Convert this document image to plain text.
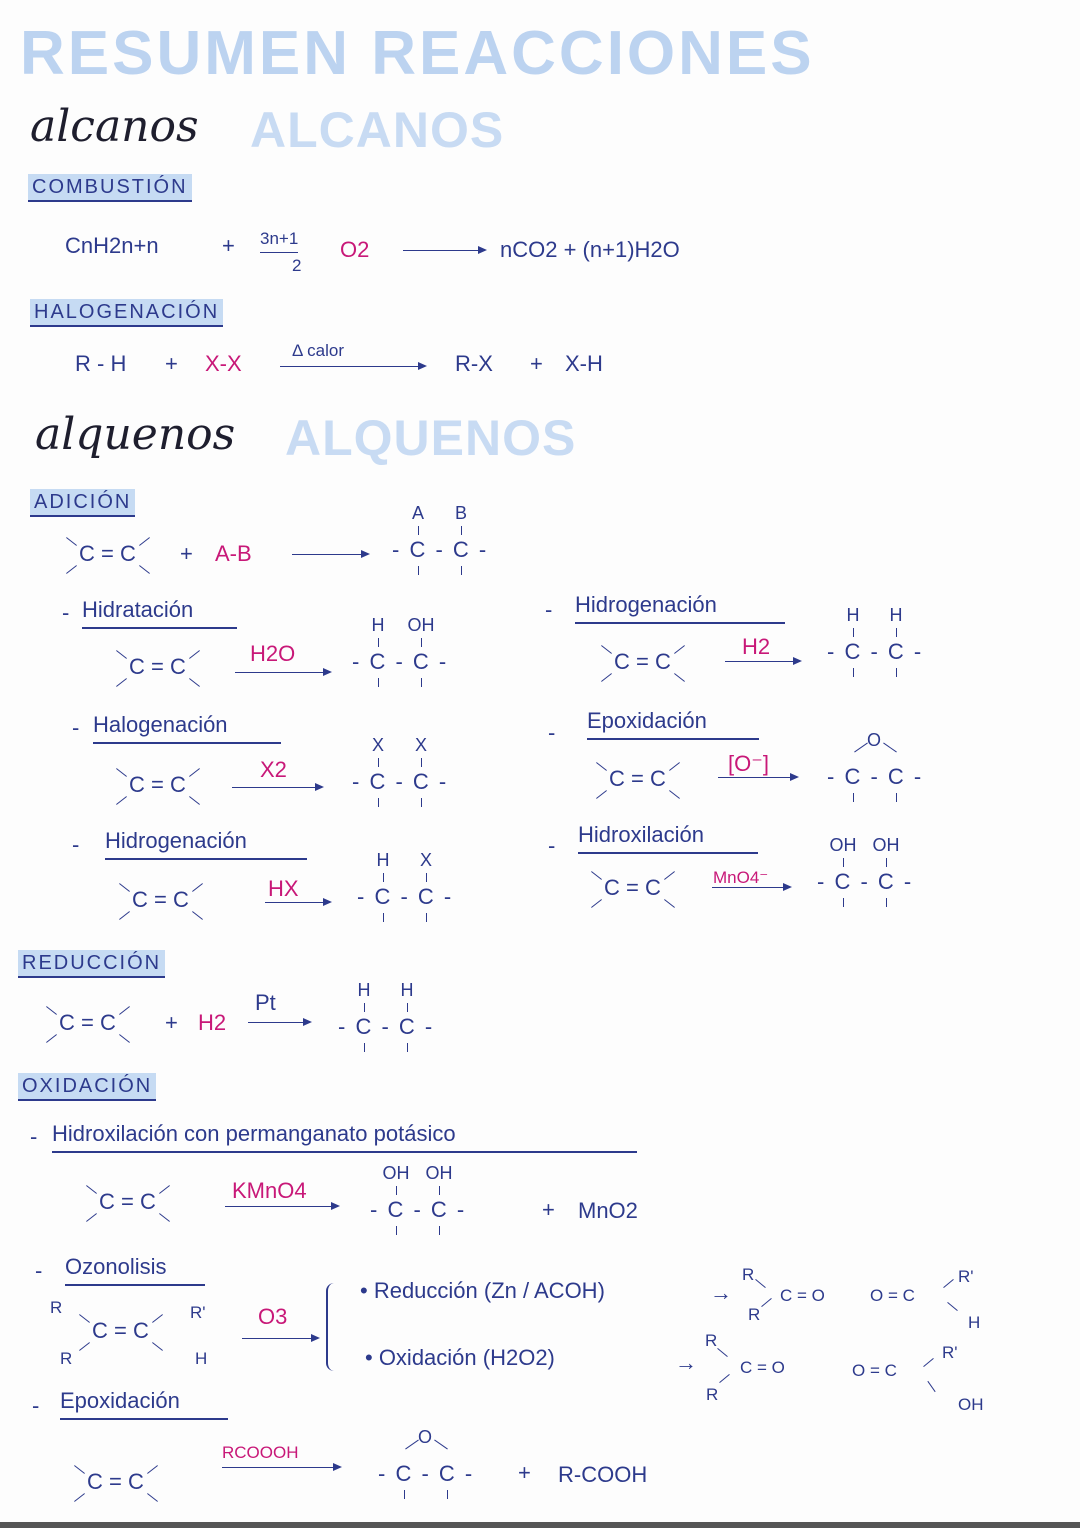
RESUMEN REACCIONES
alcanos ALCANOS
COMBUSTIÓN
CnH2n+n	+ 3n+1
2
O2	nCO2 + (n+1)H2O
HALOGENACIÓN
R - H + X-X
Δ calor
R-X + X-H
alquenos ALQUENOS
ADICIÓN
C = C + A-B
A	B
- C - C -
- Hidratación
C = C
H2O
H	OH
- C - C -
- Halogenación
C = C
X2
X	X
- C - C -
- Hidrogenación
C = C	HX
H	X
- C - C -
- Hidrogenación
C = C
H2
H	H
- C - C -
- Epoxidación
C = C
[O⁻]
O
- C - C -
- Hidroxilación
C = C	MnO4⁻
OH OH
- C - C -
REDUCCIÓN
C = C + H2
Pt	H	H
- C - C -
OXIDACIÓN
- Hidroxilación con permanganato potásico
C = C	KMnO4
OH OH
- C - C -	+ MnO2
- Ozonolisis
R
R
R'
H
C = C
O3
• Reducción (Zn / ACOH)	→
R
R
C = O	O = C
R'
H
• Oxidación (H2O2)	→
R
R
C = O	O = C
R'
OH
- Epoxidación
C = C
RCOOOH
O
- C - C - + R-COOH
